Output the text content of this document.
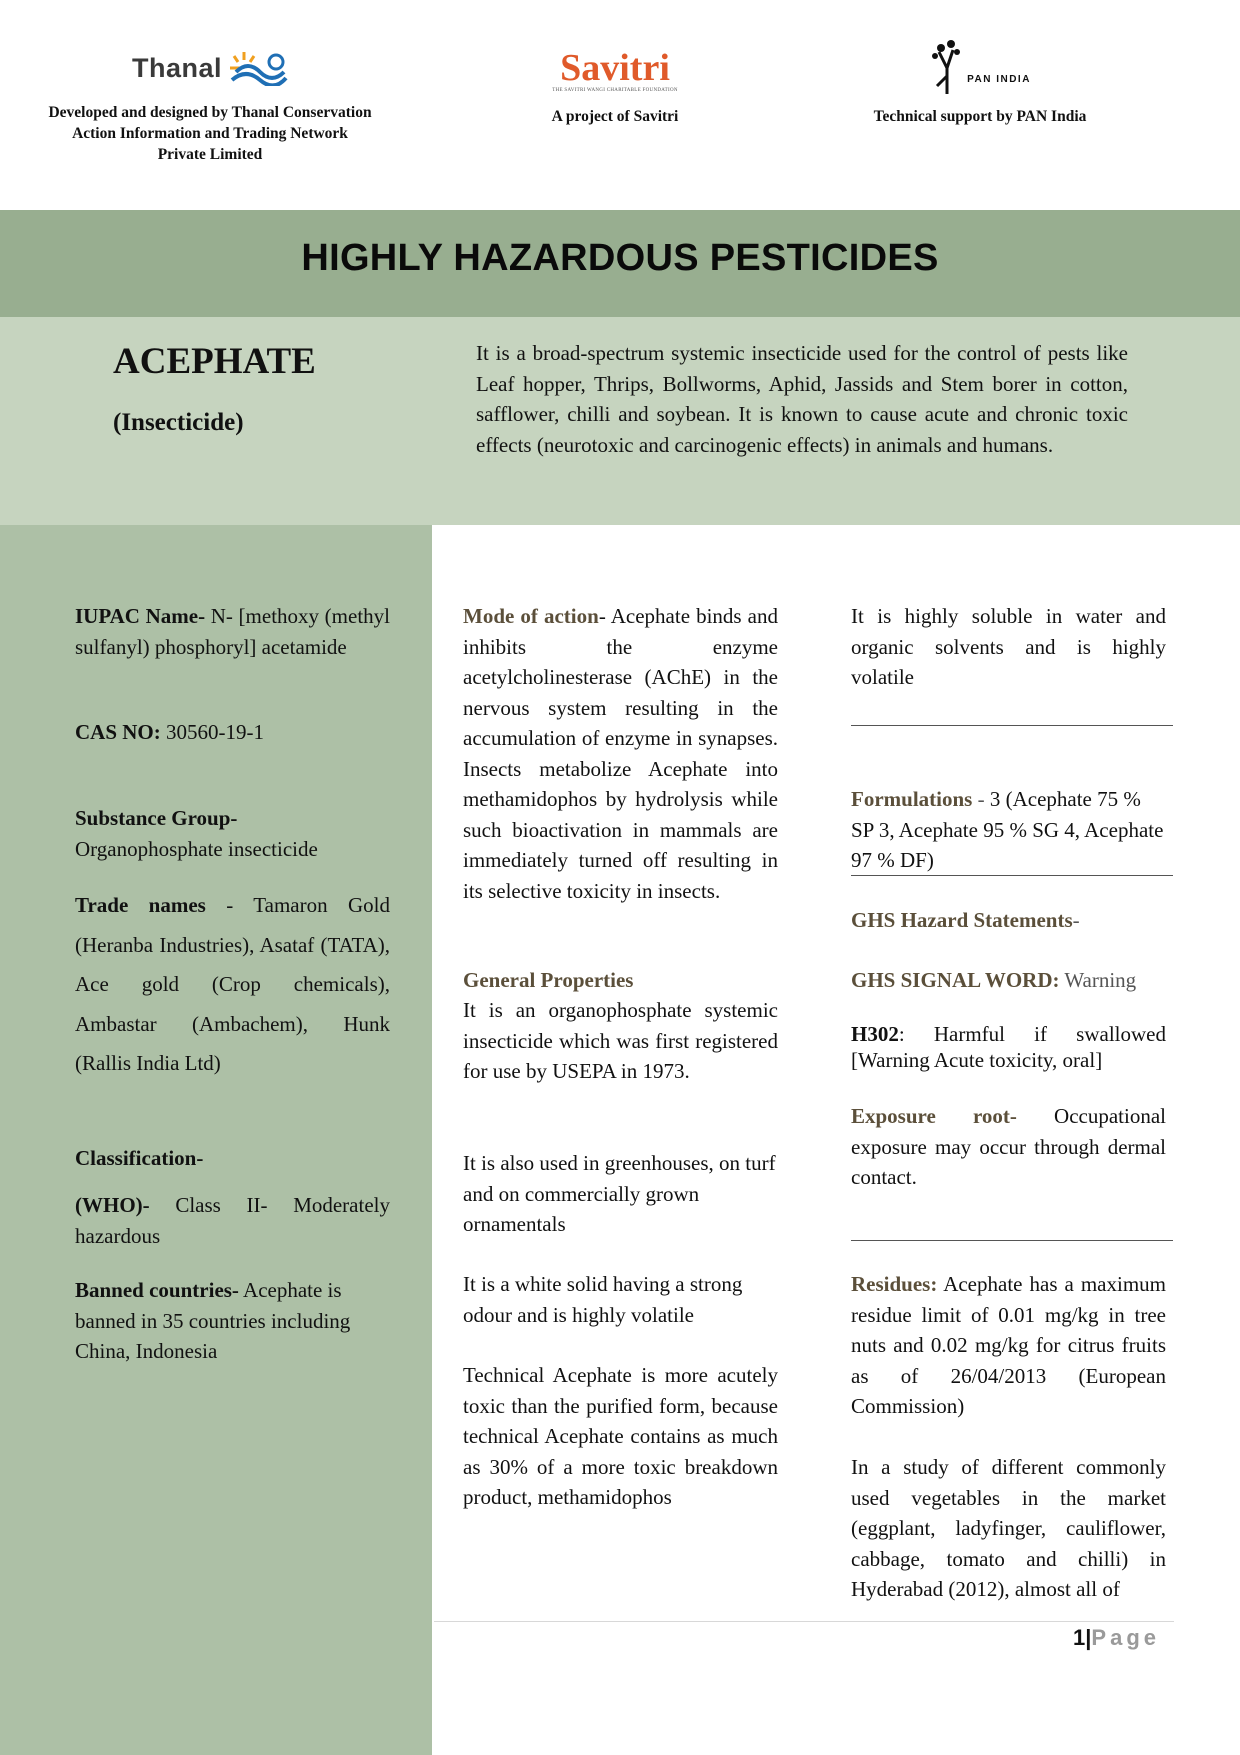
Thanal
Developed and designed by Thanal Conservation
Action Information and Trading Network
Private Limited
Savitri
THE SAVITRI WANGI CHARITABLE FOUNDATION
A project of Savitri
PAN INDIA
Technical support by PAN India
HIGHLY HAZARDOUS PESTICIDES
ACEPHATE
(Insecticide)
It is a broad-spectrum systemic insecticide used for the control of pests like Leaf hopper, Thrips, Bollworms, Aphid, Jassids and Stem borer in cotton, safflower, chilli and soybean. It is known to cause acute and chronic toxic effects (neurotoxic and carcinogenic effects) in animals and humans.
IUPAC Name- N- [methoxy (methyl sulfanyl) phosphoryl] acetamide
CAS NO: 30560-19-1
Substance Group-
Organophosphate insecticide
Trade names - Tamaron Gold (Heranba Industries), Asataf (TATA), Ace gold (Crop chemicals), Ambastar (Ambachem), Hunk (Rallis India Ltd)
Classification-
(WHO)- Class II- Moderately hazardous
Banned countries- Acephate is banned in 35 countries including China, Indonesia
Mode of action- Acephate binds and inhibits the enzyme acetylcholinesterase (AChE) in the nervous system resulting in the accumulation of enzyme in synapses. Insects metabolize Acephate into methamidophos by hydrolysis while such bioactivation in mammals are immediately turned off resulting in its selective toxicity in insects.
General Properties
It is an organophosphate systemic insecticide which was first registered for use by USEPA in 1973.
It is also used in greenhouses, on turf and on commercially grown ornamentals
It is a white solid having a strong odour and is highly volatile
Technical Acephate is more acutely toxic than the purified form, because technical Acephate contains as much as 30% of a more toxic breakdown product, methamidophos
It is highly soluble in water and organic solvents and is highly volatile
Formulations - 3 (Acephate 75 % SP 3, Acephate 95 % SG 4, Acephate 97 % DF)
GHS Hazard Statements-
GHS SIGNAL WORD: Warning
H302: Harmful if swallowed [Warning Acute toxicity, oral]
Exposure root- Occupational exposure may occur through dermal contact.
Residues: Acephate has a maximum residue limit of 0.01 mg/kg in tree nuts and 0.02 mg/kg for citrus fruits as of 26/04/2013 (European Commission)
In a study of different commonly used vegetables in the market (eggplant, ladyfinger, cauliflower, cabbage, tomato and chilli) in Hyderabad (2012), almost all of
1|Page
